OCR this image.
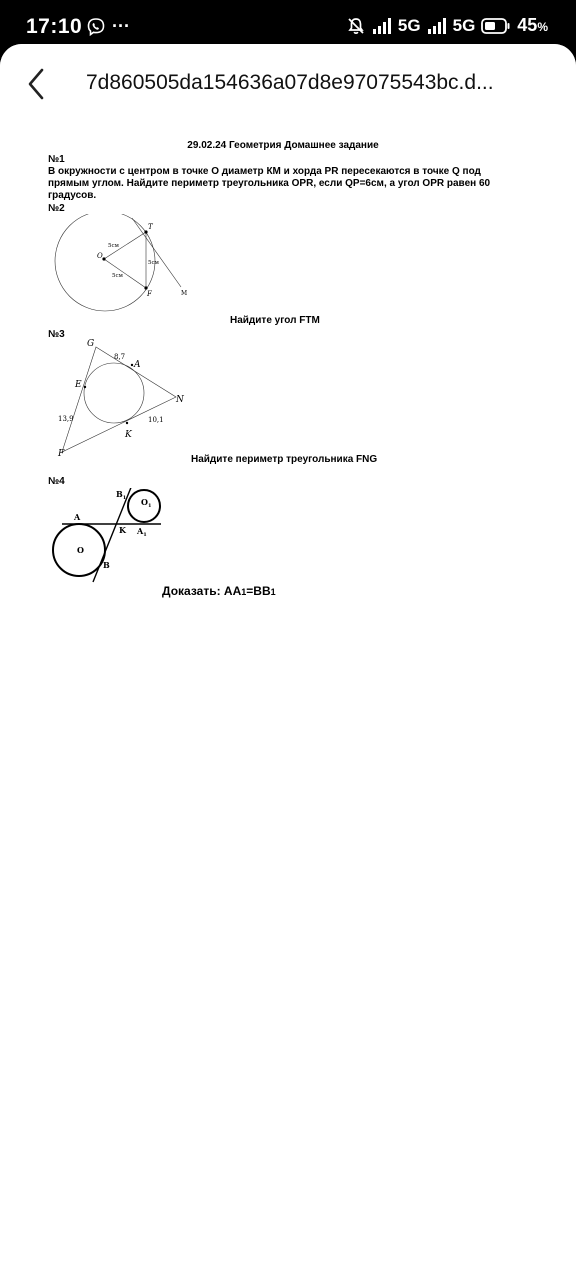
17:10 ···	5G 5G 45%
7d860505da154636a07d8e97075543bc.d...
29.02.24 Геометрия Домашнее задание
№1
В окружности с центром в точке О диаметр КМ и хорда PR пересекаются в точке Q под
прямым углом. Найдите периметр треугольника OPR, если QP=6см, а угол OPR равен 60
градусов.
№2
T
O
F	M
5см
5см
5см
Найдите угол FTM
№3
G
A
E
N
F
K
8,7
13,9	10,1
Найдите периметр треугольника FNG
№4
A
O
B
$B_1$ $O_1$
K $A_1$
Доказать: AA1=BB1
